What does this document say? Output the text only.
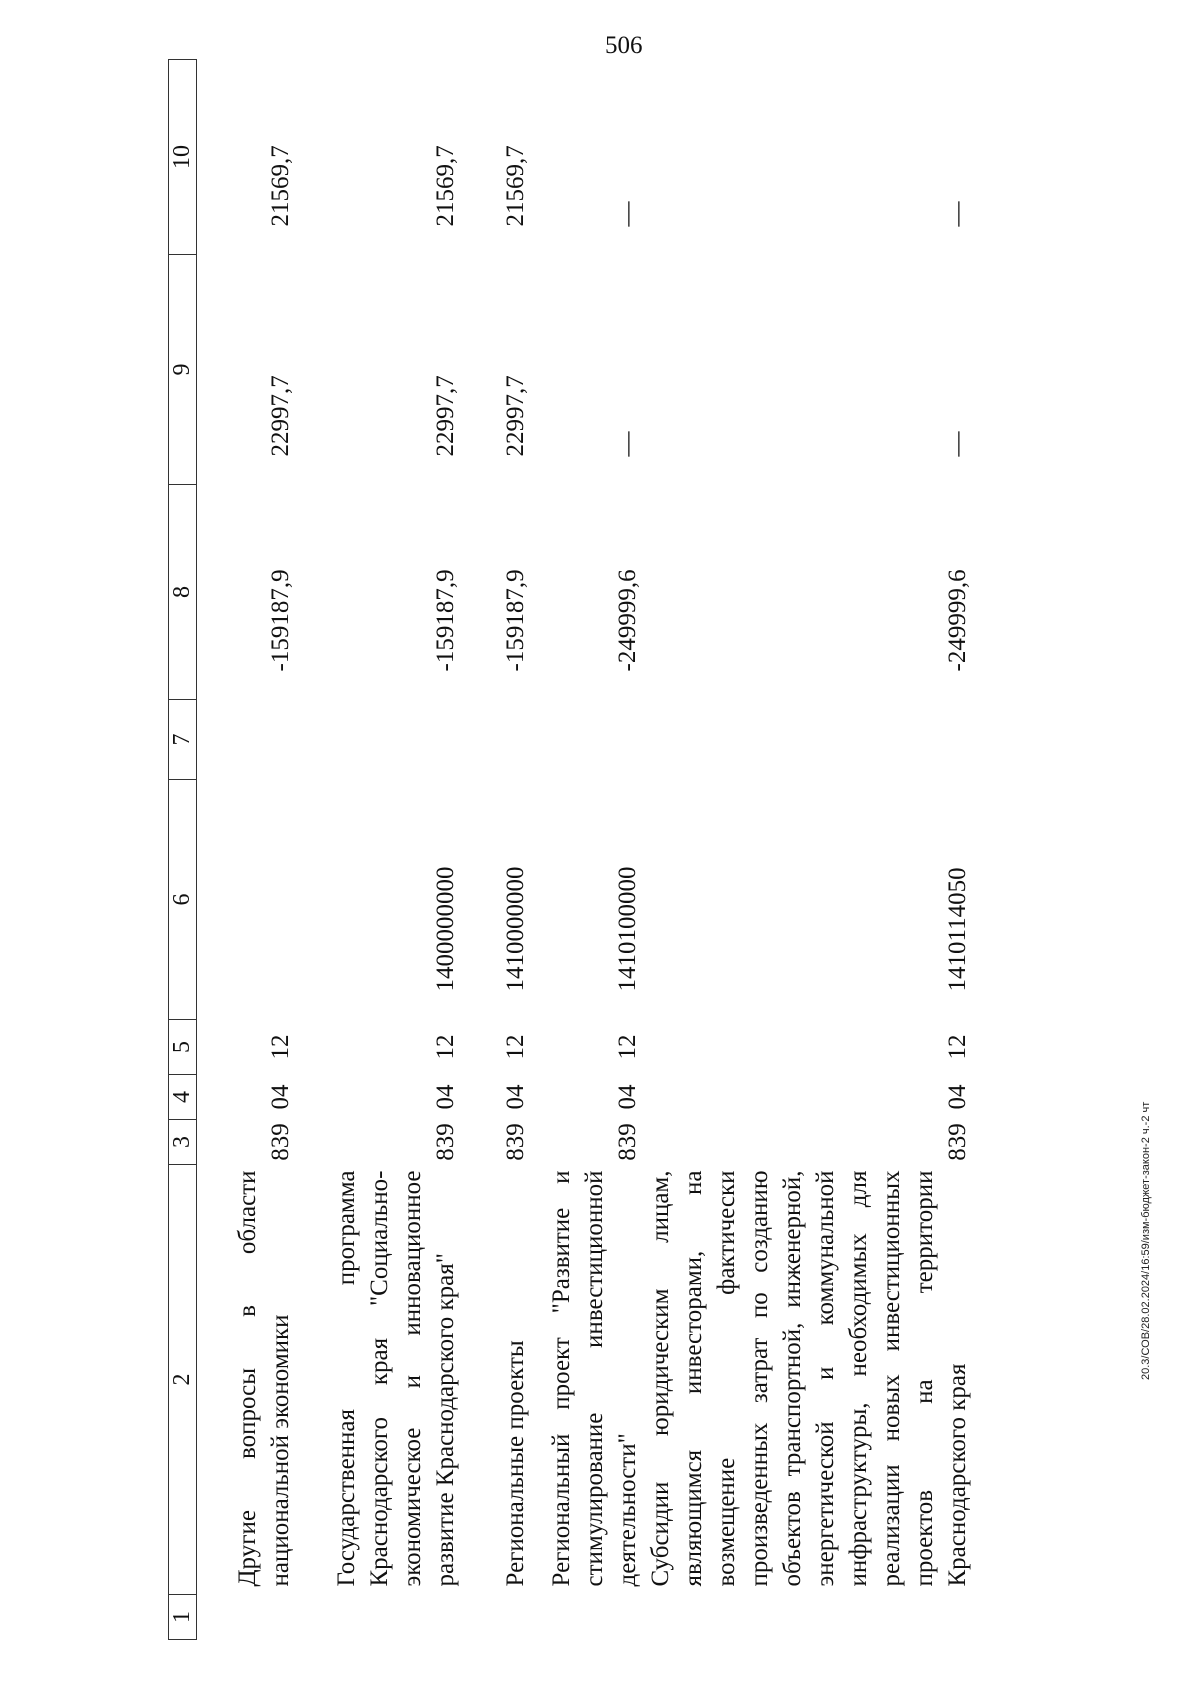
506
20.3/СОВ/28.02.2024/16:59/изм-бюджет-закон-2 ч.-2 чт
1	2	3	4	5	6	7	8	9	10
	Другие вопросы в области национальной экономики	839	04	12			-159187,9	22997,7	21569,7
	Государственная программа Краснодарского края "Социально-экономическое и инновационное развитие Краснодарского края"	839	04	12	1400000000		-159187,9	22997,7	21569,7
	Региональные проекты	839	04	12	1410000000		-159187,9	22997,7	21569,7
	Региональный проект "Развитие и стимулирование инвестиционной деятельности"	839	04	12	1410100000		-249999,6	—	—
	Субсидии юридическим лицам, являющимся инвесторами, на возмещение фактически произведенных затрат по созданию объектов транспортной, инженерной, энергетической и коммунальной инфраструктуры, необходимых для реализации новых инвестиционных проектов на территории Краснодарского края	839	04	12	1410114050		-249999,6	—	—
